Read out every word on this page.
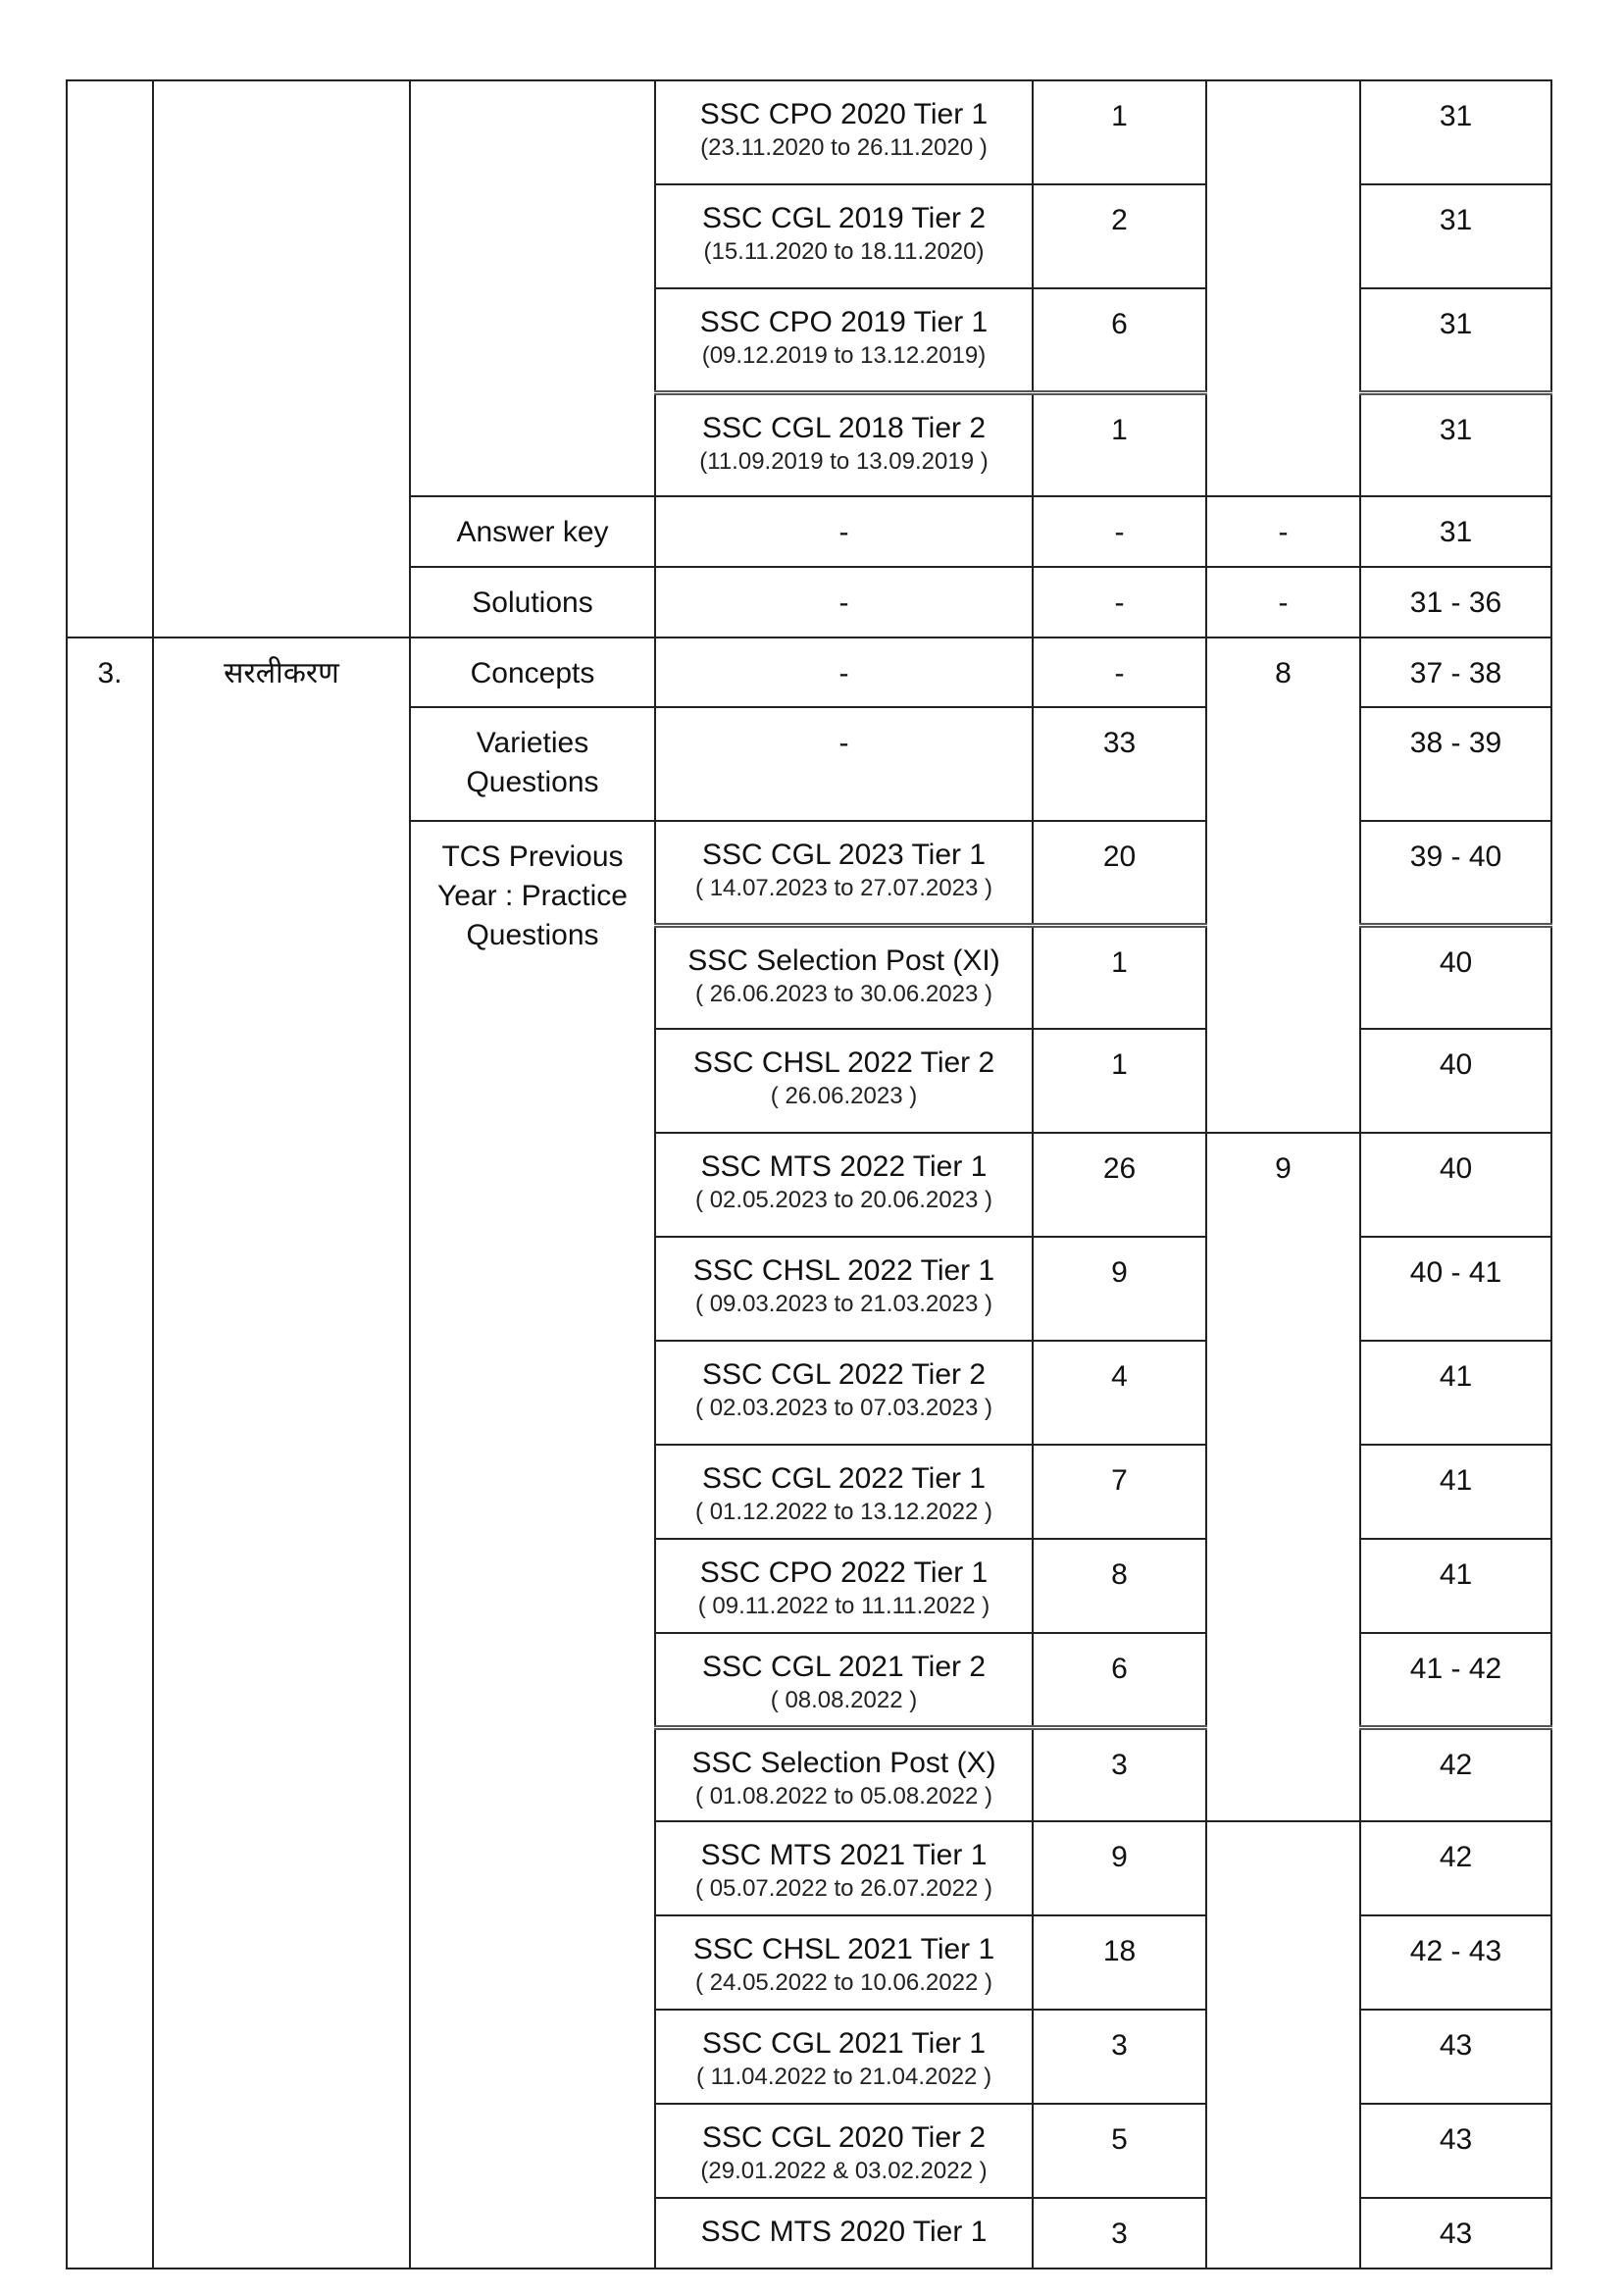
			SSC CPO 2020 Tier 1
(23.11.2020 to 26.11.2020 )	1		31

			SSC CGL 2019 Tier 2
(15.11.2020 to 18.11.2020)	2		31

			SSC CPO 2019 Tier 1
(09.12.2019 to 13.12.2019)	6		31

			SSC CGL 2018 Tier 2
(11.09.2019 to 13.09.2019 )	1		31
		Answer key	-	-	-	31
		Solutions	-	-	-	31 - 36
3.	सरलीकरण	Concepts	-	-	8	37 - 38
		Varieties Questions	-	33		38 - 39
		TCS Previous Year : Practice Questions	SSC CGL 2023 Tier 1
( 14.07.2023 to 27.07.2023 )	20		39 - 40

			SSC Selection Post (XI)
( 26.06.2023 to 30.06.2023 )	1		40

			SSC CHSL 2022 Tier 2
( 26.06.2023 )	1		40

			SSC MTS 2022 Tier 1
( 02.05.2023 to 20.06.2023 )	26	9	40

			SSC CHSL 2022 Tier 1
( 09.03.2023 to 21.03.2023 )	9		40 - 41

			SSC CGL 2022 Tier 2
( 02.03.2023 to 07.03.2023 )	4		41

			SSC CGL 2022 Tier 1
( 01.12.2022 to 13.12.2022 )	7		41

			SSC CPO 2022 Tier 1
( 09.11.2022 to 11.11.2022 )	8		41

			SSC CGL 2021 Tier 2
( 08.08.2022 )	6		41 - 42

			SSC Selection Post (X)
( 01.08.2022 to 05.08.2022 )	3		42

			SSC MTS 2021 Tier 1
( 05.07.2022 to 26.07.2022 )	9		42

			SSC CHSL 2021 Tier 1
( 24.05.2022 to 10.06.2022 )	18		42 - 43

			SSC CGL 2021 Tier 1
( 11.04.2022 to 21.04.2022 )	3		43

			SSC CGL 2020 Tier 2
(29.01.2022 & 03.02.2022 )	5		43

			SSC MTS 2020 Tier 1	3		43
